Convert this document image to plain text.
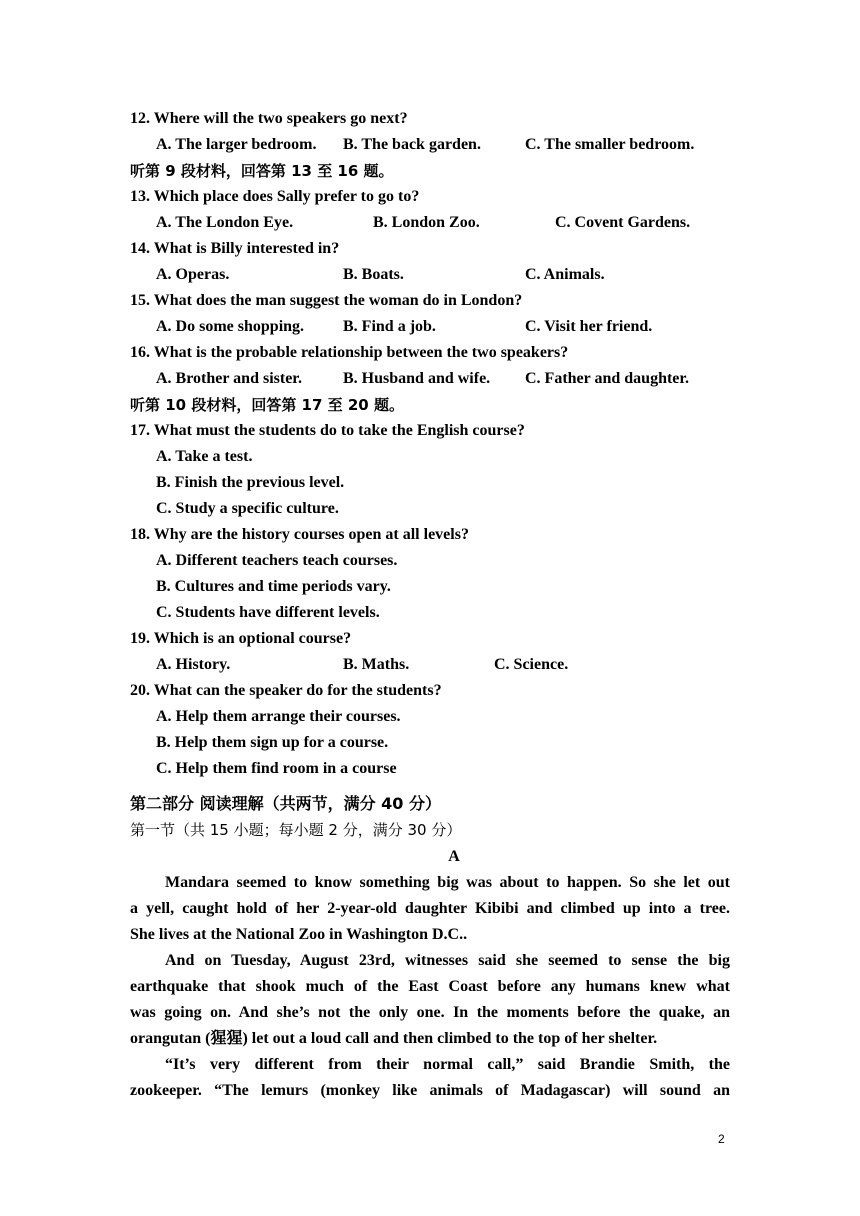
12. Where will the two speakers go next?
A. The larger bedroom. B. The back garden.	C. The smaller bedroom.
听第 9 段材料，回答第 13 至 16 题。
13. Which place does Sally prefer to go to?
A. The London Eye.	B. London Zoo.	C. Covent Gardens.
14. What is Billy interested in?
A. Operas.	B. Boats.	C. Animals.
15. What does the man suggest the woman do in London?
A. Do some shopping. B. Find a job.	C. Visit her friend.
16. What is the probable relationship between the two speakers?
A. Brother and sister.	B. Husband and wife. C. Father and daughter.
听第 10 段材料，回答第 17 至 20 题。
17. What must the students do to take the English course?
A. Take a test.
B. Finish the previous level.
C. Study a specific culture.
18. Why are the history courses open at all levels?
A. Different teachers teach courses.
B. Cultures and time periods vary.
C. Students have different levels.
19. Which is an optional course?
A. History.	B. Maths.	C. Science.
20. What can the speaker do for the students?
A. Help them arrange their courses.
B. Help them sign up for a course.
C. Help them find room in a course
第二部分 阅读理解（共两节，满分 40 分）
第一节（共 15 小题；每小题 2 分，满分 30 分）
A
Mandara seemed to know something big was about to happen. So she let out
a yell, caught hold of her 2-year-old daughter Kibibi and climbed up into a tree.
She lives at the National Zoo in Washington D.C..
And on Tuesday, August 23rd, witnesses said she seemed to sense the big
earthquake that shook much of the East Coast before any humans knew what
was going on. And she’s not the only one. In the moments before the quake, an
orangutan (猩猩) let out a loud call and then climbed to the top of her shelter.
“It’s very different from their normal call,” said Brandie Smith, the
zookeeper. “The lemurs (monkey like animals of Madagascar) will sound an
2
